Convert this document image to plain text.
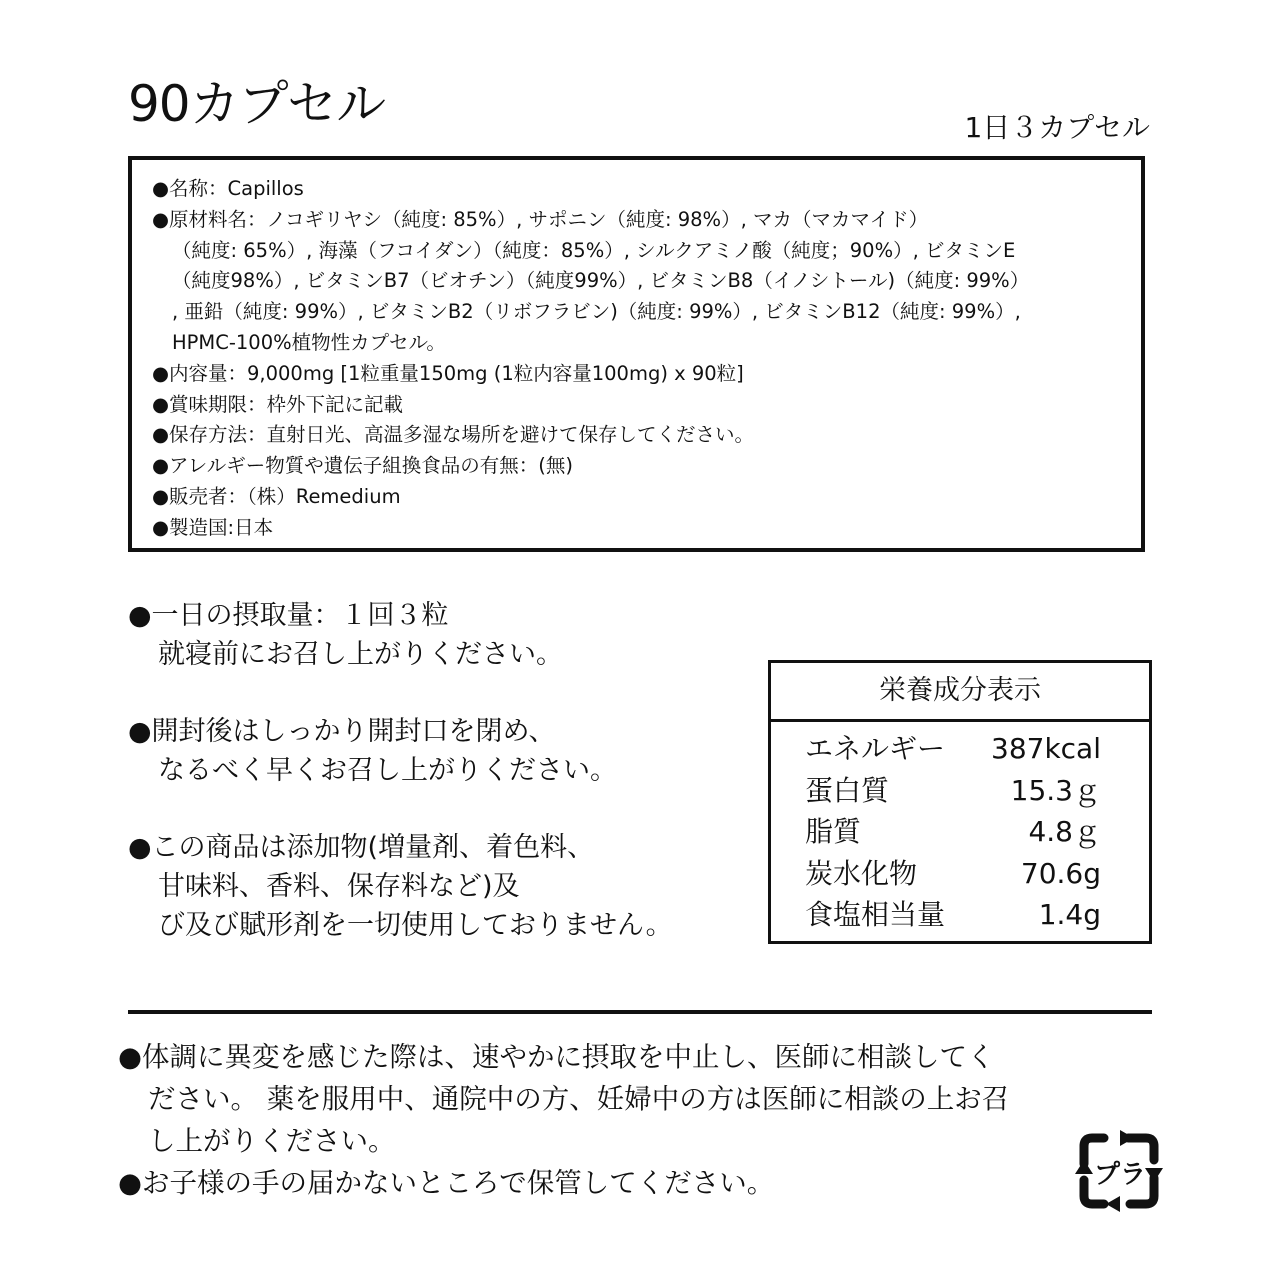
90カプセル	1日３カプセル
●名称：Capillos
●原材料名：ノコギリヤシ（純度: 85%）, サポニン（純度: 98%）, マカ（マカマイド）
（純度: 65%）, 海藻（フコイダン）（純度：85%）, シルクアミノ酸（純度；90%）, ビタミンE
（純度98%）, ビタミンB7（ビオチン）（純度99%）, ビタミンB8（イノシトール)（純度: 99%）
, 亜鉛（純度: 99%）, ビタミンB2（リボフラビン)（純度: 99%）, ビタミンB12（純度: 99%）,
HPMC-100%植物性カプセル。
●内容量：9,000mg [1粒重量150mg (1粒内容量100mg) x 90粒]
●賞味期限：枠外下記に記載
●保存方法：直射日光、高温多湿な場所を避けて保存してください。
●アレルギー物質や遺伝子組換食品の有無：(無)
●販売者：（株）Remedium
●製造国:日本
●一日の摂取量：１回３粒
就寝前にお召し上がりください。
●開封後はしっかり開封口を閉め、
なるべく早くお召し上がりください。
●この商品は添加物(増量剤、着色料、
甘味料、香料、保存料など)及
び及び賦形剤を一切使用しておりません。
栄養成分表示
エネルギー 387kcal
蛋白質	15.3ｇ
脂質	4.8ｇ
炭水化物	70.6g
食塩相当量	1.4g
●体調に異変を感じた際は、速やかに摂取を中止し、医師に相談してく
ださい。 薬を服用中、通院中の方、妊婦中の方は医師に相談の上お召
し上がりください。
●お子様の手の届かないところで保管してください。	プラ
